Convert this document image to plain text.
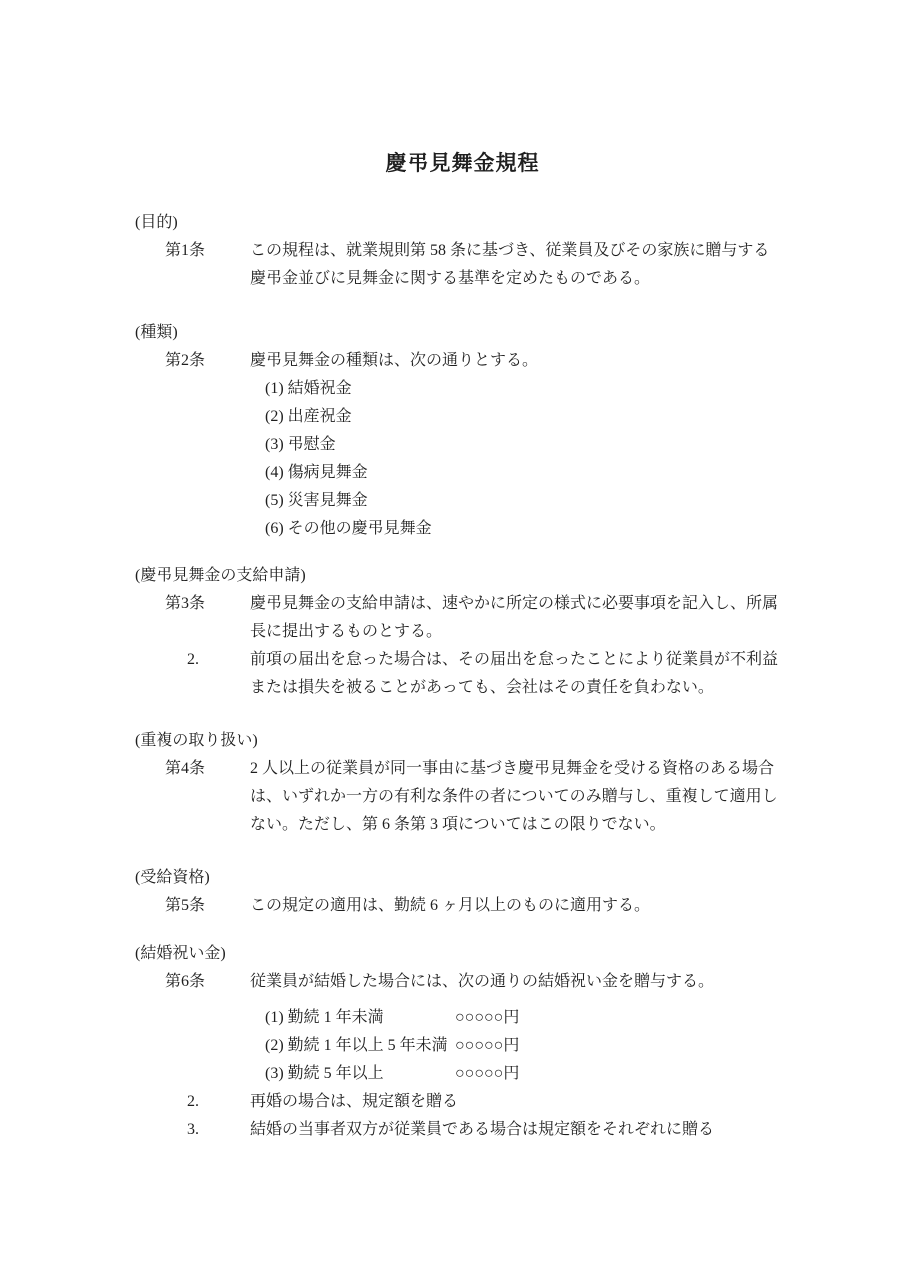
慶弔見舞金規程
(目的)
第1条	この規程は、就業規則第 58 条に基づき、従業員及びその家族に贈与する
慶弔金並びに見舞金に関する基準を定めたものである。
(種類)
第2条	慶弔見舞金の種類は、次の通りとする。
(1) 結婚祝金
(2) 出産祝金
(3) 弔慰金
(4) 傷病見舞金
(5) 災害見舞金
(6) その他の慶弔見舞金
(慶弔見舞金の支給申請)
第3条	慶弔見舞金の支給申請は、速やかに所定の様式に必要事項を記入し、所属
長に提出するものとする。
2.	前項の届出を怠った場合は、その届出を怠ったことにより従業員が不利益
または損失を被ることがあっても、会社はその責任を負わない。
(重複の取り扱い)
第4条	2 人以上の従業員が同一事由に基づき慶弔見舞金を受ける資格のある場合
は、いずれか一方の有利な条件の者についてのみ贈与し、重複して適用し
ない。ただし、第 6 条第 3 項についてはこの限りでない。
(受給資格)
第5条	この規定の適用は、勤続 6 ヶ月以上のものに適用する。
(結婚祝い金)
第6条	従業員が結婚した場合には、次の通りの結婚祝い金を贈与する。
(1) 勤続 1 年未満	○○○○○円
(2) 勤続 1 年以上 5 年未満 ○○○○○円
(3) 勤続 5 年以上	○○○○○円
2.	再婚の場合は、規定額を贈る
3.	結婚の当事者双方が従業員である場合は規定額をそれぞれに贈る
